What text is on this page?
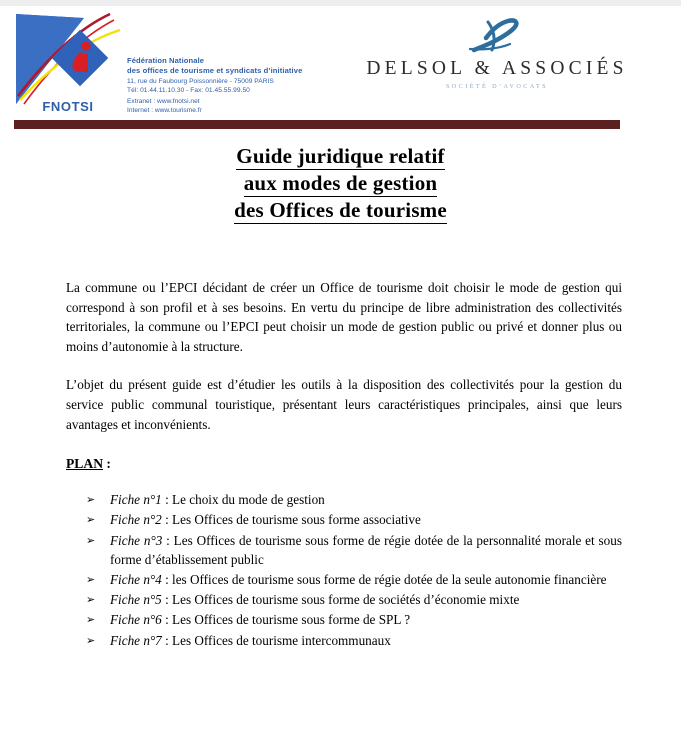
FNOTSI
Fédération Nationale
des offices de tourisme et syndicats d’initiative
11, rue du Faubourg Poissonnière - 75009 PARIS
Tél: 01.44.11.10.30 - Fax: 01.45.55.99.50
Extranet : www.fnotsi.net
Internet : www.tourisme.fr
DELSOL & ASSOCIÉS
SOCIÉTÉ D’AVOCATS
Guide juridique relatif
aux modes de gestion
des Offices de tourisme

La commune ou l’EPCI décidant de créer un Office de tourisme doit choisir le mode de gestion qui correspond à son profil et à ses besoins. En vertu du principe de libre administration des collectivités territoriales, la commune ou l’EPCI peut choisir un mode de gestion public ou privé et donner plus ou moins d’autonomie à la structure.

L’objet du présent guide est d’étudier les outils à la disposition des collectivités pour la gestion du service public communal touristique, présentant leurs caractéristiques principales, ainsi que leurs avantages et inconvénients.

PLAN :

➢ Fiche n°1 : Le choix du mode de gestion
➢ Fiche n°2 : Les Offices de tourisme sous forme associative
➢ Fiche n°3 : Les Offices de tourisme sous forme de régie dotée de la personnalité morale et sous forme d’établissement public
➢ Fiche n°4 : les Offices de tourisme sous forme de régie dotée de la seule autonomie financière
➢ Fiche n°5 : Les Offices de tourisme sous forme de sociétés d’économie mixte
➢ Fiche n°6 : Les Offices de tourisme sous forme de SPL ?
➢ Fiche n°7 : Les Offices de tourisme intercommunaux
